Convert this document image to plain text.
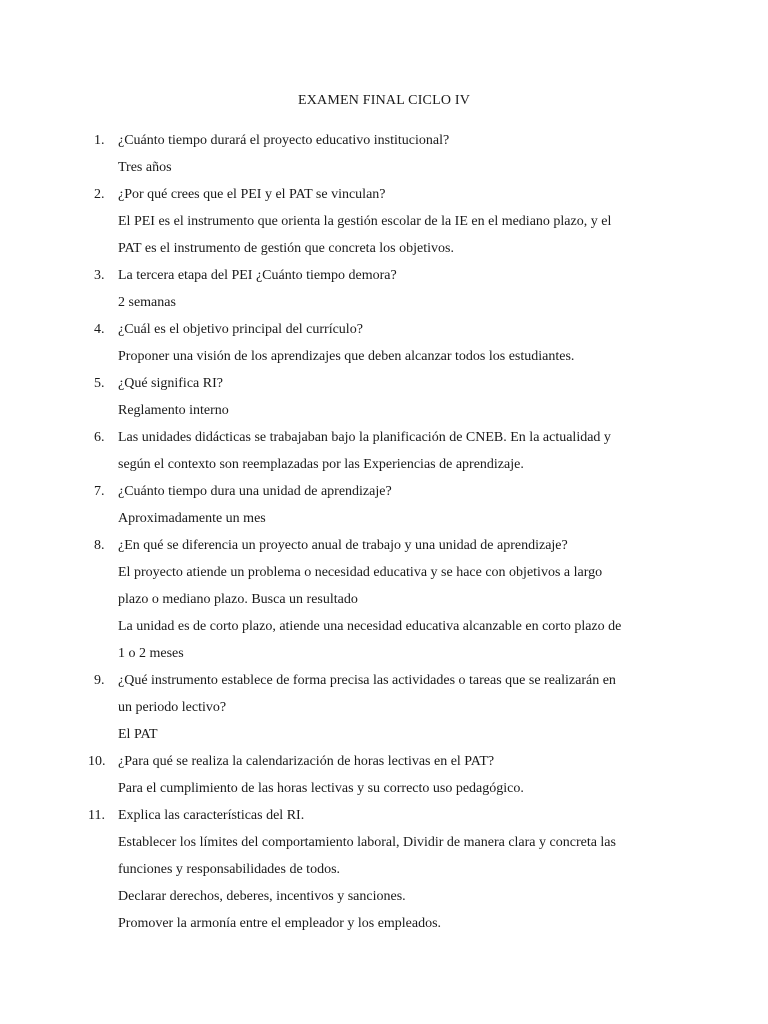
EXAMEN FINAL CICLO IV
1. ¿Cuánto tiempo durará el proyecto educativo institucional?
Tres años
2. ¿Por qué crees que el PEI y el PAT se vinculan?
El PEI es el instrumento que orienta la gestión escolar de la IE en el mediano plazo, y el
PAT es el instrumento de gestión que concreta los objetivos.
3. La tercera etapa del PEI ¿Cuánto tiempo demora?
2 semanas
4. ¿Cuál es el objetivo principal del currículo?
Proponer una visión de los aprendizajes que deben alcanzar todos los estudiantes.
5. ¿Qué significa RI?
Reglamento interno
6. Las unidades didácticas se trabajaban bajo la planificación de CNEB. En la actualidad y
según el contexto son reemplazadas por las Experiencias de aprendizaje.
7. ¿Cuánto tiempo dura una unidad de aprendizaje?
Aproximadamente un mes
8. ¿En qué se diferencia un proyecto anual de trabajo y una unidad de aprendizaje?
El proyecto atiende un problema o necesidad educativa y se hace con objetivos a largo
plazo o mediano plazo. Busca un resultado
La unidad es de corto plazo, atiende una necesidad educativa alcanzable en corto plazo de
1 o 2 meses
9. ¿Qué instrumento establece de forma precisa las actividades o tareas que se realizarán en
un periodo lectivo?
El PAT
10. ¿Para qué se realiza la calendarización de horas lectivas en el PAT?
Para el cumplimiento de las horas lectivas y su correcto uso pedagógico.
11. Explica las características del RI.
Establecer los límites del comportamiento laboral, Dividir de manera clara y concreta las
funciones y responsabilidades de todos.
Declarar derechos, deberes, incentivos y sanciones.
Promover la armonía entre el empleador y los empleados.
